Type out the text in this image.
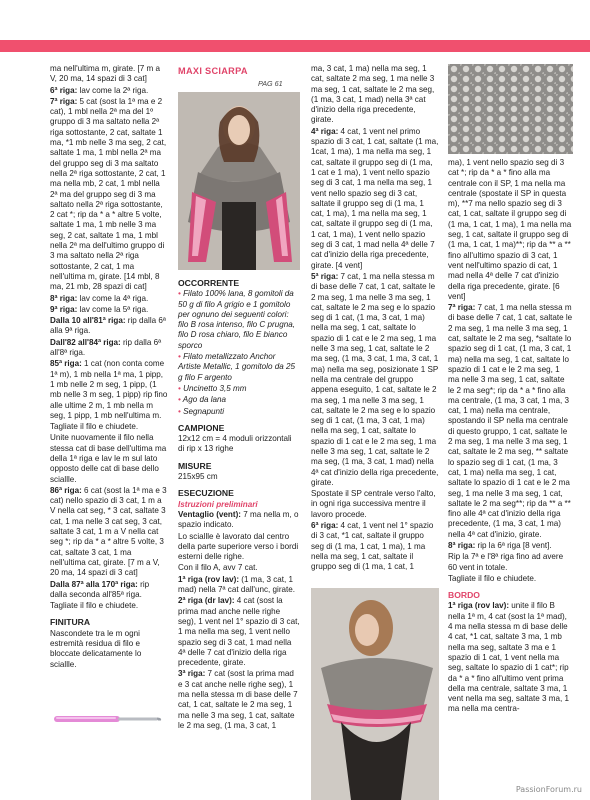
ma nell'ultima m, girate. [7 m a V, 20 ma, 14 spazi di 3 cat]

6ª riga: lav come la 2ª riga.

7ª riga: 5 cat (sost la 1ª ma e 2 cat), 1 mbl nella 2ª ma del 1º gruppo di 3 ma saltato nella 2ª riga sottostante, 2 cat, saltate 1 ma, *1 mb nelle 3 ma seg, 2 cat, saltate 1 ma, 1 mbl nella 2ª ma del gruppo seg di 3 ma saltato nella 2ª riga sottostante, 2 cat, 1 ma nella mb, 2 cat, 1 mbl nella 2ª ma del gruppo seg di 3 ma saltato nella 2ª riga sottostante, 2 cat *; rip da * a * altre 5 volte, saltate 1 ma, 1 mb nelle 3 ma seg, 2 cat, saltate 1 ma, 1 mbl nella 2ª ma dell'ultimo gruppo di 3 ma saltato nella 2ª riga sottostante, 2 cat, 1 ma nell'ultima m, girate. [14 mbl, 8 ma, 21 mb, 28 spazi di cat]

8ª riga: lav come la 4ª riga.

9ª riga: lav come la 5ª riga.

Dalla 10 all'81ª riga: rip dalla 6ª alla 9ª riga.

Dall'82 all'84ª riga: rip dalla 6ª all'8ª riga.

85ª riga: 1 cat (non conta come 1ª m), 1 mb nella 1ª ma, 1 pipp, 1 mb nelle 2 m seg, 1 pipp, (1 mb nelle 3 m seg, 1 pipp) rip fino alle ultime 2 m, 1 mb nella m seg, 1 pipp, 1 mb nell'ultima m.

Tagliate il filo e chiudete.

Unite nuovamente il filo nella stessa cat di base dell'ultima ma della 1ª riga e lav le m sul lato opposto delle cat di base dello sciallle.

86ª riga: 6 cat (sost la 1ª ma e 3 cat) nello spazio di 3 cat, 1 m a V nella cat seg, * 3 cat, saltate 3 cat, 1 ma nelle 3 cat seg, 3 cat, saltate 3 cat, 1 m a V nella cat seg *; rip da * a * altre 5 volte, 3 cat, saltate 3 cat, 1 ma nell'ultima cat, girate. [7 m a V, 20 ma, 14 spazi di 3 cat]

Dalla 87ª alla 170ª riga: rip dalla seconda all'85ª riga.

Tagliate il filo e chiudete.

FINITURA

Nascondete tra le m ogni estremità residua di filo e bloccate delicatamente lo sciallle.

MAXI SCIARPA
PAG 61
OCCORRENTE

• Filato 100% lana, 8 gomitoli da 50 g di filo A grigio e 1 gomitolo per ognuno dei seguenti colori: filo B rosa intenso, filo C prugna, filo D rosa chiaro, filo E bianco sporco

• Filato metallizzato Anchor Artiste Metallic, 1 gomitolo da 25 g filo F argento

• Uncinetto 3,5 mm

• Ago da lana

• Segnapunti

CAMPIONE

12x12 cm = 4 moduli orizzontali di rip x 13 righe

MISURE

215x95 cm

ESECUZIONE
Istruzioni preliminari

Ventaglio (vent): 7 ma nella m, o spazio indicato.

Lo sciallle è lavorato dal centro della parte superiore verso i bordi esterni delle righe.

Con il filo A, avv 7 cat.

1ª riga (rov lav): (1 ma, 3 cat, 1 mad) nella 7ª cat dall'unc, girate.

2ª riga (dr lav): 4 cat (sost la prima mad anche nelle righe seg), 1 vent nel 1° spazio di 3 cat, 1 ma nella ma seg, 1 vent nello spazio seg di 3 cat, 1 mad nella 4ª delle 7 cat d'inizio della riga precedente, girate.

3ª riga: 7 cat (sost la prima mad e 3 cat anche nelle righe seg), 1 ma nella stessa m di base delle 7 cat, 1 cat, saltate le 2 ma seg, 1 ma nelle 3 ma seg, 1 cat, saltate le 2 ma seg, (1 ma, 3 cat, 1

ma, 3 cat, 1 ma) nella ma seg, 1 cat, saltate 2 ma seg, 1 ma nelle 3 ma seg, 1 cat, saltate le 2 ma seg, (1 ma, 3 cat, 1 mad) nella 3ª cat d'inizio della riga precedente, girate.

4ª riga: 4 cat, 1 vent nel primo spazio di 3 cat, 1 cat, saltate (1 ma, 1cat, 1 ma), 1 ma nella ma seg, 1 cat, saltate il gruppo seg di (1 ma, 1 cat e 1 ma), 1 vent nello spazio seg di 3 cat, 1 ma nella ma seg, 1 vent nello spazio seg di 3 cat, saltate il gruppo seg di (1 ma, 1 cat, 1 ma), 1 ma nella ma seg, 1 cat, saltate il gruppo seg di (1 ma, 1 cat, 1 ma), 1 vent nello spazio seg di 3 cat, 1 mad nella 4ª delle 7 cat d'inizio della riga precedente, girate. [4 vent]

5ª riga: 7 cat, 1 ma nella stessa m di base delle 7 cat, 1 cat, saltate le 2 ma seg, 1 ma nelle 3 ma seg, 1 cat, saltate le 2 ma seg e lo spazio seg di 1 cat, (1 ma, 3 cat, 1 ma) nella ma seg, 1 cat, saltate lo spazio di 1 cat e le 2 ma seg, 1 ma nelle 3 ma seg, 1 cat, saltate le 2 ma seg, (1 ma, 3 cat, 1 ma, 3 cat, 1 ma) nella ma seg, posizionate 1 SP nella ma centrale del gruppo appena eseguito, 1 cat, saltate le 2 ma seg, 1 ma nelle 3 ma seg, 1 cat, saltate le 2 ma seg e lo spazio seg di 1 cat, (1 ma, 3 cat, 1 ma) nella ma seg, 1 cat, saltate lo spazio di 1 cat e le 2 ma seg, 1 ma nelle 3 ma seg, 1 cat, saltate le 2 ma seg, (1 ma, 3 cat, 1 mad) nella 4ª cat d'inizio della riga precedente, girate.

Spostate il SP centrale verso l'alto, in ogni riga successiva mentre il lavoro procede.

6ª riga: 4 cat, 1 vent nel 1° spazio di 3 cat, *1 cat, saltate il gruppo seg di (1 ma, 1 cat, 1 ma), 1 ma nella ma seg, 1 cat, saltate il gruppo seg di (1 ma, 1 cat, 1

ma), 1 vent nello spazio seg di 3 cat *; rip da * a * fino alla ma centrale con il SP, 1 ma nella ma centrale (spostate il SP in questa m), **7 ma nello spazio seg di 3 cat, 1 cat, saltate il gruppo seg di (1 ma, 1 cat, 1 ma), 1 ma nella ma seg, 1 cat, saltate il gruppo seg di (1 ma, 1 cat, 1 ma)**; rip da ** a ** fino all'ultimo spazio di 3 cat, 1 vent nell'ultimo spazio di cat, 1 mad nella 4ª delle 7 cat d'inizio della riga precedente, girate. [6 vent]

7ª riga: 7 cat, 1 ma nella stessa m di base delle 7 cat, 1 cat, saltate le 2 ma seg, 1 ma nelle 3 ma seg, 1 cat, saltate le 2 ma seg, *saltate lo spazio seg di 1 cat, (1 ma, 3 cat, 1 ma) nella ma seg, 1 cat, saltate lo spazio di 1 cat e le 2 ma seg, 1 ma nelle 3 ma seg, 1 cat, saltate le 2 ma seg*; rip da * a * fino alla ma centrale, (1 ma, 3 cat, 1 ma, 3 cat, 1 ma) nella ma centrale, spostando il SP nella ma centrale di questo gruppo, 1 cat, saltate le 2 ma seg, 1 ma nelle 3 ma seg, 1 cat, saltate le 2 ma seg, ** saltate lo spazio seg di 1 cat, (1 ma, 3 cat, 1 ma) nella ma seg, 1 cat, saltate lo spazio di 1 cat e le 2 ma seg, 1 ma nelle 3 ma seg, 1 cat, saltate le 2 ma seg**; rip da ** a ** fino alle 4ª cat d'inizio della riga precedente, (1 ma, 3 cat, 1 ma) nella 4ª cat d'inizio, girate.

8ª riga: rip la 6ª riga [8 vent].

Rip la 7ª e l'8ª riga fino ad avere 60 vent in totale.

Tagliate il filo e chiudete.

BORDO

1ª riga (rov lav): unite il filo B nella 1ª m, 4 cat (sost la 1ª mad), 4 ma nella stessa m di base delle 4 cat, *1 cat, saltate 3 ma, 1 mb nella ma seg, saltate 3 ma e 1 spazio di 1 cat, 1 vent nella ma seg, saltate lo spazio di 1 cat*; rip da * a * fino all'ultimo vent prima della ma centrale, saltate 3 ma, 1 vent nella ma seg, saltate 3 ma, 1 ma nella ma centra-

PassionForum.ru
